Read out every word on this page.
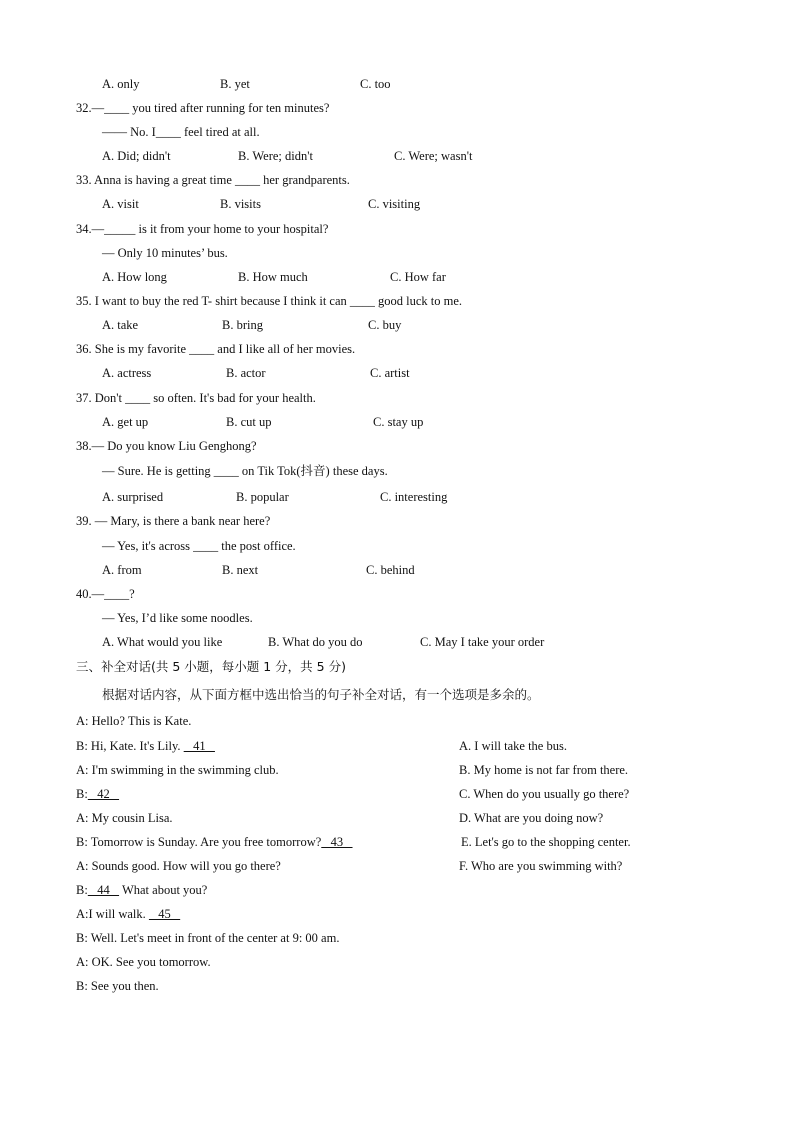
A. only	B. yet	C. too
32.—____ you tired after running for ten minutes?
—— No. I____ feel tired at all.
A. Did; didn't	B. Were; didn't	C. Were; wasn't
33. Anna is having a great time ____ her grandparents.
A. visit	B. visits	C. visiting
34.—_____ is it from your home to your hospital?
— Only 10 minutes’ bus.
A. How long	B. How much	C. How far
35. I want to buy the red T- shirt because I think it can ____ good luck to me.
A. take	B. bring	C. buy
36. She is my favorite ____ and I like all of her movies.
A. actress	B. actor	C. artist
37. Don't ____ so often. It's bad for your health.
A. get up	B. cut up	C. stay up
38.— Do you know Liu Genghong?
— Sure. He is getting ____ on Tik Tok(抖音) these days.
A. surprised	B. popular	C. interesting
39. — Mary, is there a bank near here?
— Yes, it's across ____ the post office.
A. from	B. next	C. behind
40.—____?
— Yes, I’d like some noodles.
A. What would you like	B. What do you do	C. May I take your order
三、补全对话(共 5 小题，每小题 1 分，共 5 分)
根据对话内容，从下面方框中选出恰当的句子补全对话，有一个选项是多余的。
A: Hello? This is Kate.
B: Hi, Kate. It's Lily.    41
A: I'm swimming in the swimming club.
B:   42
A: My cousin Lisa.
B: Tomorrow is Sunday. Are you free tomorrow?   43
A: Sounds good. How will you go there?
B:   44    What about you?
A:I will walk.    45
B: Well. Let's meet in front of the center at 9: 00 am.
A: OK. See you tomorrow.
B: See you then.
A. I will take the bus.
B. My home is not far from there.
C. When do you usually go there?
D. What are you doing now?
E. Let's go to the shopping center.
F. Who are you swimming with?
